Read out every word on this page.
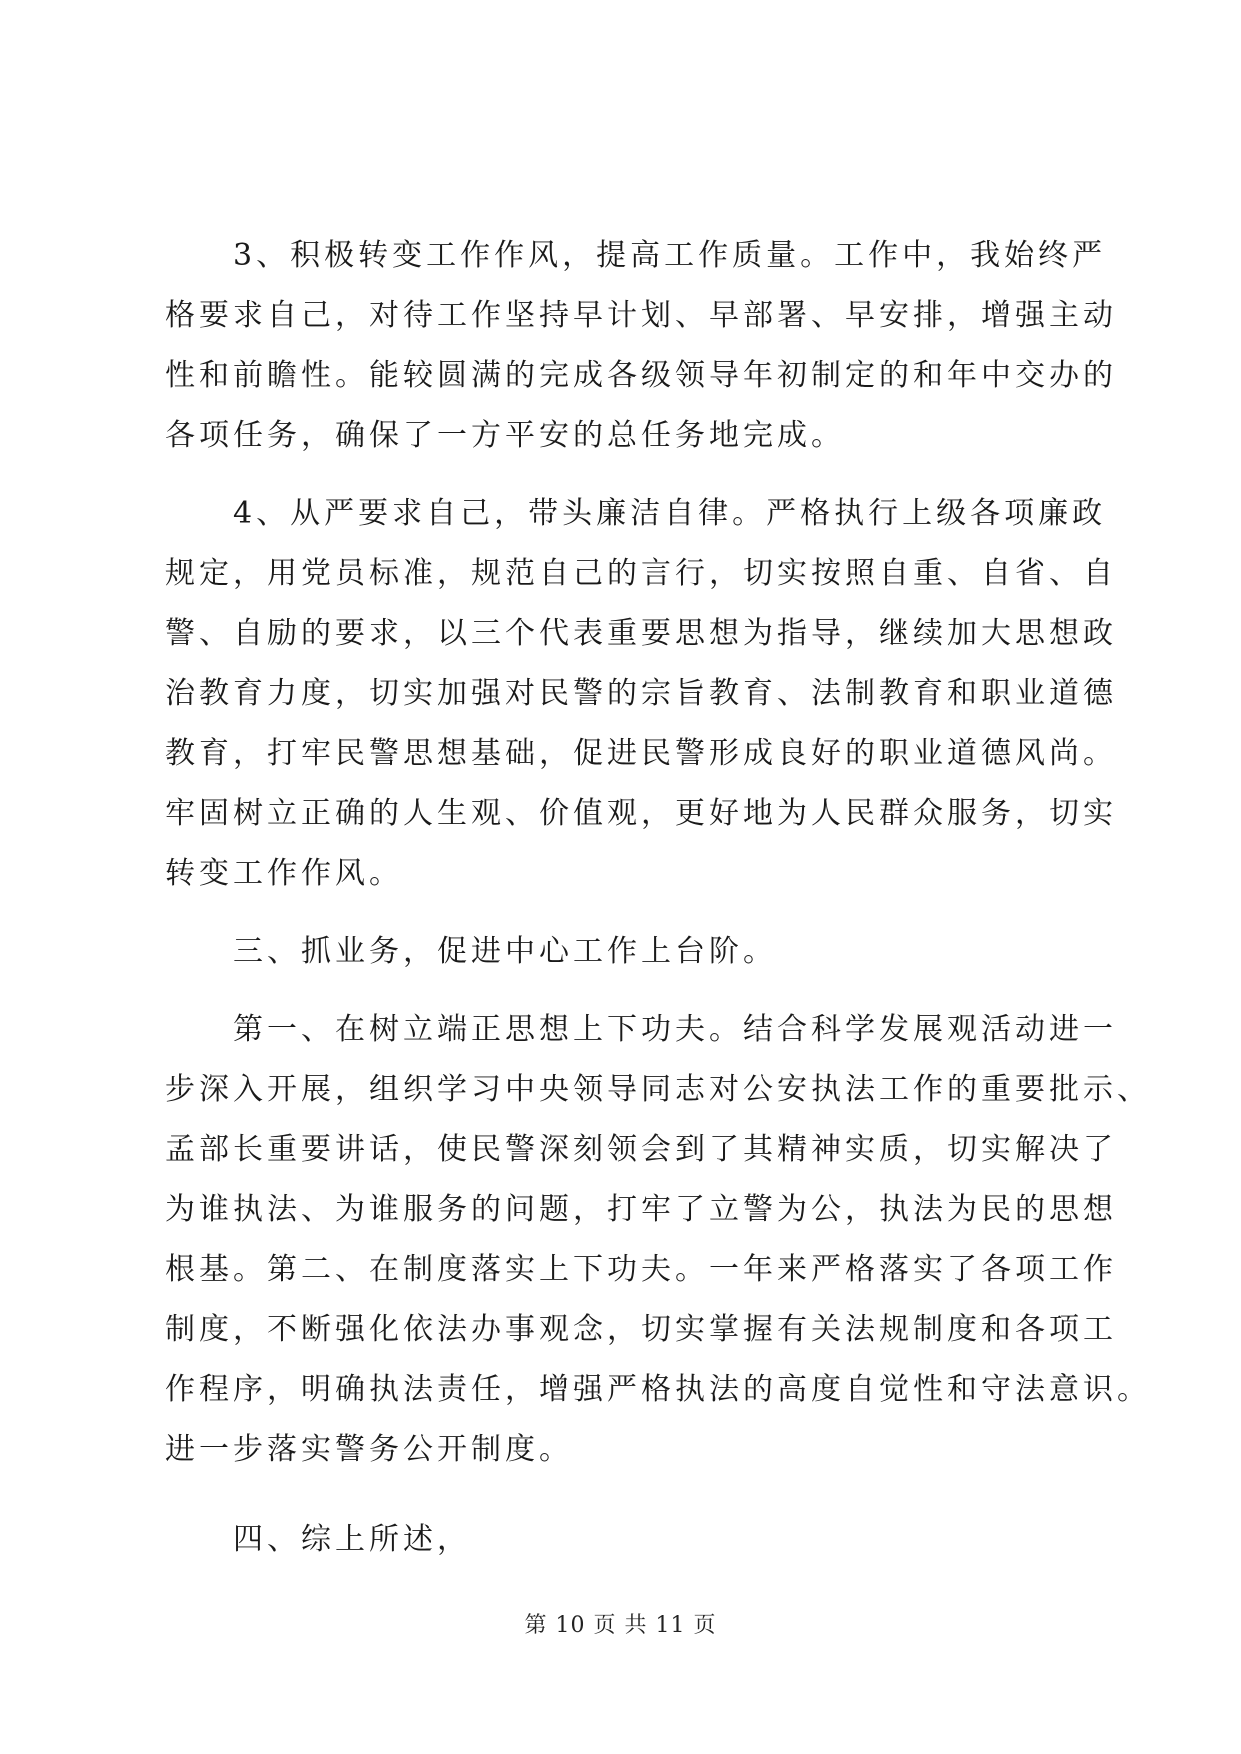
　　3、积极转变工作作风，提高工作质量。工作中，我始终严
格要求自己，对待工作坚持早计划、早部署、早安排，增强主动
性和前瞻性。能较圆满的完成各级领导年初制定的和年中交办的
各项任务，确保了一方平安的总任务地完成。
　　4、从严要求自己，带头廉洁自律。严格执行上级各项廉政
规定，用党员标准，规范自己的言行，切实按照自重、自省、自
警、自励的要求，以三个代表重要思想为指导，继续加大思想政
治教育力度，切实加强对民警的宗旨教育、法制教育和职业道德
教育，打牢民警思想基础，促进民警形成良好的职业道德风尚。
牢固树立正确的人生观、价值观，更好地为人民群众服务，切实
转变工作作风。
　　三、抓业务，促进中心工作上台阶。
　　第一、在树立端正思想上下功夫。结合科学发展观活动进一
步深入开展，组织学习中央领导同志对公安执法工作的重要批示、
孟部长重要讲话，使民警深刻领会到了其精神实质，切实解决了
为谁执法、为谁服务的问题，打牢了立警为公，执法为民的思想
根基。第二、在制度落实上下功夫。一年来严格落实了各项工作
制度，不断强化依法办事观念，切实掌握有关法规制度和各项工
作程序，明确执法责任，增强严格执法的高度自觉性和守法意识。
进一步落实警务公开制度。
　　四、综上所述，
第 10 页 共 11 页
